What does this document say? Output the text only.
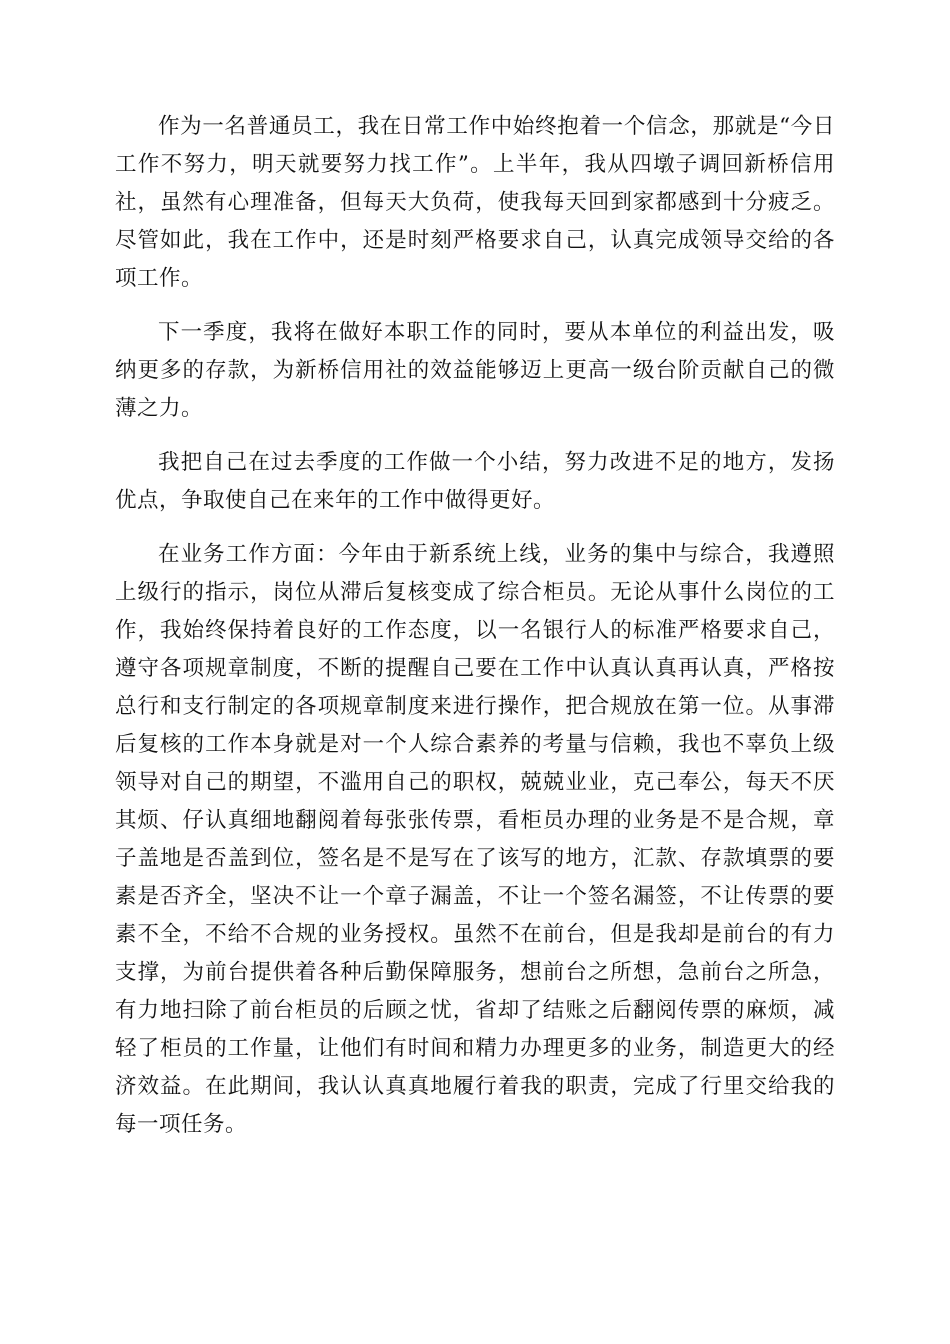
作为一名普通员工，我在日常工作中始终抱着一个信念，那就是“今日工作不努力，明天就要努力找工作”。上半年，我从四墩子调回新桥信用社，虽然有心理准备，但每天大负荷，使我每天回到家都感到十分疲乏。尽管如此，我在工作中，还是时刻严格要求自己，认真完成领导交给的各项工作。

下一季度，我将在做好本职工作的同时，要从本单位的利益出发，吸纳更多的存款，为新桥信用社的效益能够迈上更高一级台阶贡献自己的微薄之力。

我把自己在过去季度的工作做一个小结，努力改进不足的地方，发扬优点，争取使自己在来年的工作中做得更好。

在业务工作方面：今年由于新系统上线，业务的集中与综合，我遵照上级行的指示，岗位从滞后复核变成了综合柜员。无论从事什么岗位的工作，我始终保持着良好的工作态度，以一名银行人的标准严格要求自己，遵守各项规章制度，不断的提醒自己要在工作中认真认真再认真，严格按总行和支行制定的各项规章制度来进行操作，把合规放在第一位。从事滞后复核的工作本身就是对一个人综合素养的考量与信赖，我也不辜负上级领导对自己的期望，不滥用自己的职权，兢兢业业，克己奉公，每天不厌其烦、仔认真细地翻阅着每张张传票，看柜员办理的业务是不是合规，章子盖地是否盖到位，签名是不是写在了该写的地方，汇款、存款填票的要素是否齐全，坚决不让一个章子漏盖，不让一个签名漏签，不让传票的要素不全，不给不合规的业务授权。虽然不在前台，但是我却是前台的有力支撑，为前台提供着各种后勤保障服务，想前台之所想，急前台之所急，有力地扫除了前台柜员的后顾之忧，省却了结账之后翻阅传票的麻烦，减轻了柜员的工作量，让他们有时间和精力办理更多的业务，制造更大的经济效益。在此期间，我认认真真地履行着我的职责，完成了行里交给我的每一项任务。
